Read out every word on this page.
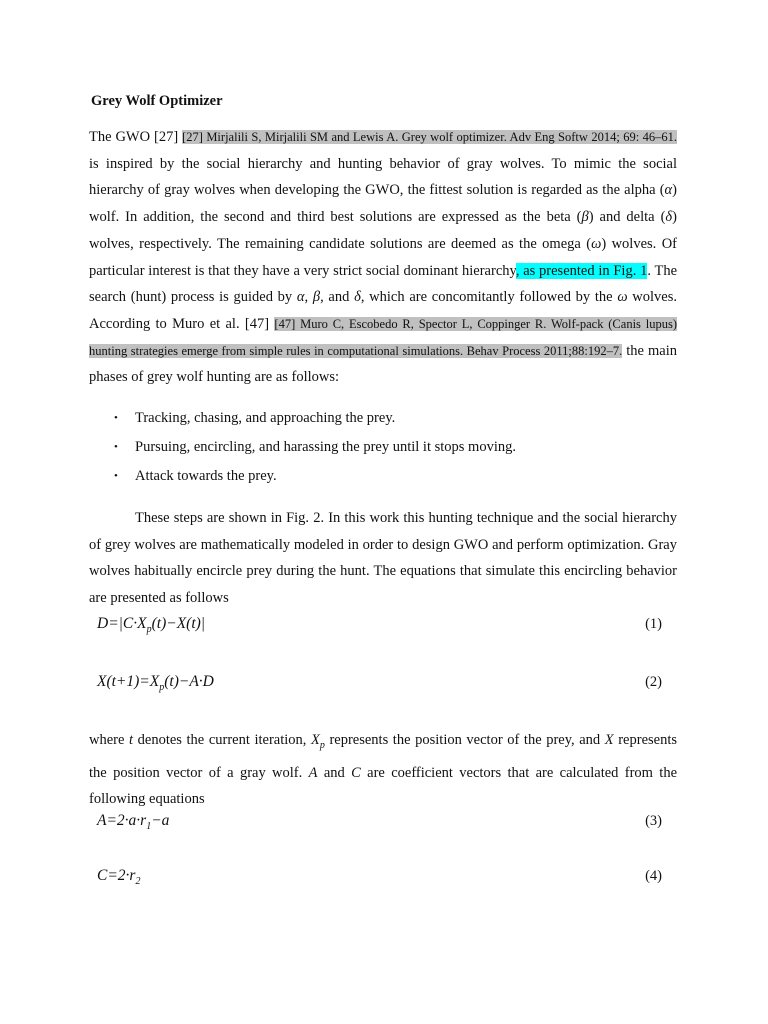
Grey Wolf Optimizer

The GWO [27] [27] Mirjalili S, Mirjalili SM and Lewis A. Grey wolf optimizer. Adv Eng Softw 2014; 69: 46–61. is inspired by the social hierarchy and hunting behavior of gray wolves. To mimic the social hierarchy of gray wolves when developing the GWO, the fittest solution is regarded as the alpha (α) wolf. In addition, the second and third best solutions are expressed as the beta (β) and delta (δ) wolves, respectively. The remaining candidate solutions are deemed as the omega (ω) wolves. Of particular interest is that they have a very strict social dominant hierarchy, as presented in Fig. 1. The search (hunt) process is guided by α, β, and δ, which are concomitantly followed by the ω wolves. According to Muro et al. [47] [47] Muro C, Escobedo R, Spector L, Coppinger R. Wolf-pack (Canis lupus) hunting strategies emerge from simple rules in computational simulations. Behav Process 2011;88:192–7. the main phases of grey wolf hunting are as follows:

• Tracking, chasing, and approaching the prey.
• Pursuing, encircling, and harassing the prey until it stops moving.
• Attack towards the prey.

These steps are shown in Fig. 2. In this work this hunting technique and the social hierarchy of grey wolves are mathematically modeled in order to design GWO and perform optimization. Gray wolves habitually encircle prey during the hunt. The equations that simulate this encircling behavior are presented as follows

$D=|C\cdot X_p(t)-X(t)|$	(1)
$X(t+1)=X_p(t)-A\cdot D$	(2)

where t denotes the current iteration, $X_p$ represents the position vector of the prey, and X represents the position vector of a gray wolf. A and C are coefficient vectors that are calculated from the following equations

$A=2\cdot a\cdot r_1-a$	(3)
$C=2\cdot r_2$	(4)
